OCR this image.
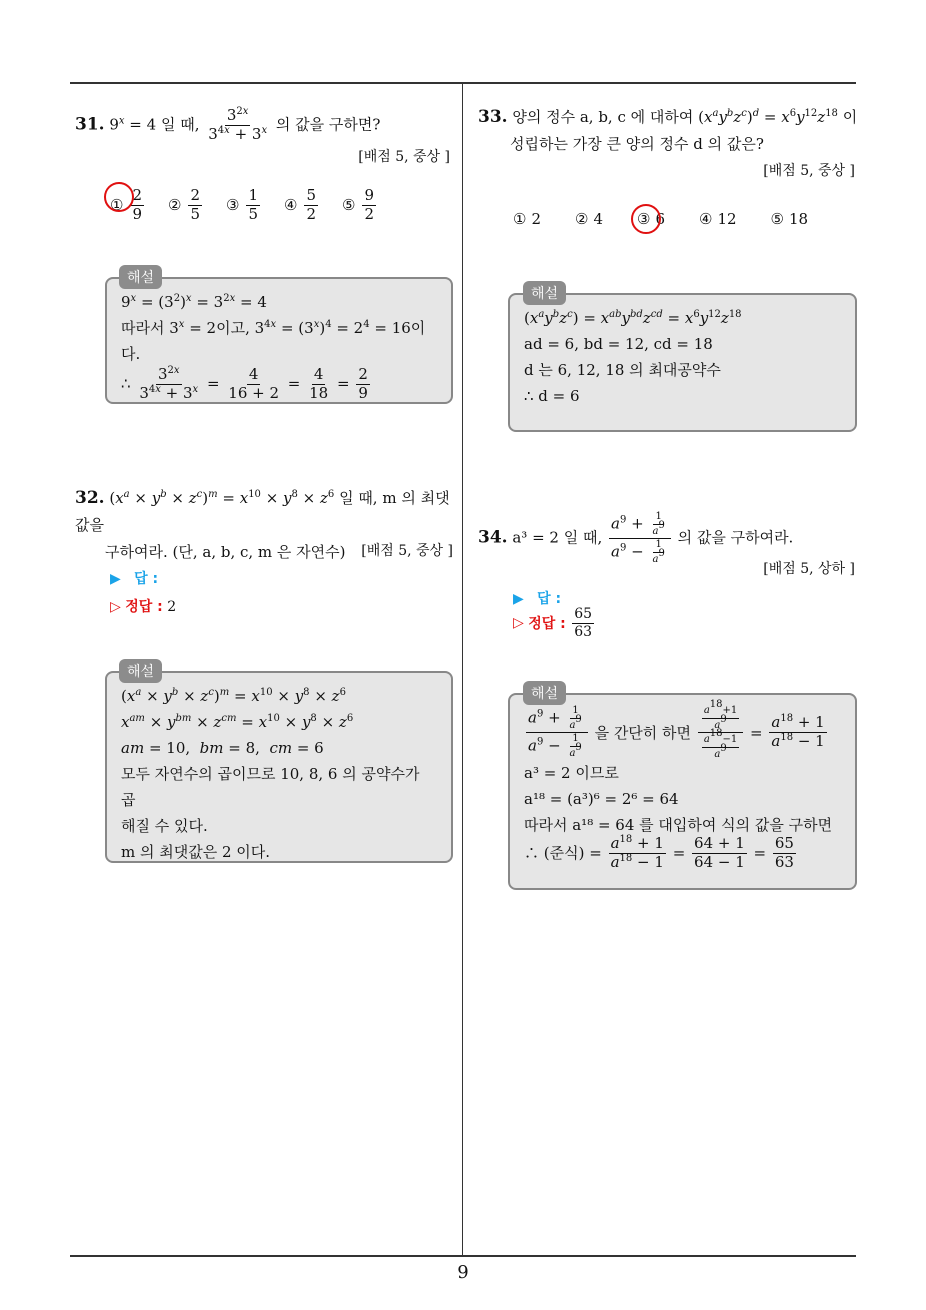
31. $9^x = 4$ 일 때, $\frac{3^{2x}}{3^{4x} + 3^x}$ 의 값을 구하면?
[배점 5, 중상 ]
① $\frac{2}{9}$ ② $\frac{2}{5}$ ③ $\frac{1}{5}$ ④ $\frac{5}{2}$ ⑤ $\frac{9}{2}$
$9^x = (3^2)^x = 3^{2x} = 4$
따라서 $3^x = 2$이고, $3^{4x} = (3^x)^4 = 2^4 = 16$이다.
∴ $\frac{3^{2x}}{3^{4x} + 3^x} = \frac{4}{16 + 2} = \frac{4}{18} = \frac{2}{9}$
해설
32. $(x^a \times y^b \times z^c)^m = x^{10} \times y^8 \times z^6$ 일 때, m 의 최댓값을
구하여라. (단, a, b, c, m 은 자연수)	[배점 5, 중상 ]
▶ 답 :
▷ 정답 : 2
$(x^a \times y^b \times z^c)^m = x^{10} \times y^8 \times z^6$
$x^{am} \times y^{bm} \times z^{cm} = x^{10} \times y^8 \times z^6$
am = 10,  bm = 8,  cm = 6
모두 자연수의 곱이므로 10, 8, 6 의 공약수가 곱
해질 수 있다.
m 의 최댓값은 2 이다.
해설
33. 양의 정수 a, b, c 에 대하여 $(x^ay^bz^c)^d = x^6y^{12}z^{18}$ 이
성립하는 가장 큰 양의 정수 d 의 값은?
[배점 5, 중상 ]
① 2 ② 4 ③ 6 ④ 12 ⑤ 18
$(x^ay^bz^c) = x^{ab}y^{bd}z^{cd} = x^6y^{12}z^{18}$
ad = 6, bd = 12, cd = 18
d 는 6, 12, 18 의 최대공약수
∴ d = 6
해설
34. a³ = 2 일 때, $\frac{a^9 + \frac{1}{a^9}}{a^9 - \frac{1}{a^9}}$ 의 값을 구하여라.
[배점 5, 상하 ]
▶ 답 :
▷
정답 :
$\frac{65}{63}$
$\frac{a^9 + \frac{1}{a^9}}{a^9 - \frac{1}{a^9}}$
을 간단히 하면
$\frac{\frac{a^{18}+1}{a^9}}{\frac{a^{18}-1}{a^9}} = \frac{a^{18} + 1}{a^{18} - 1}$
a³ = 2 이므로
a¹⁸ = (a³)⁶ = 2⁶ = 64
따라서 a¹⁸ = 64 를 대입하여 식의 값을 구하면
∴ (준식) =
$\frac{a^{18} + 1}{a^{18} - 1} = \frac{64 + 1}{64 - 1} = \frac{65}{63}$
해설
9
